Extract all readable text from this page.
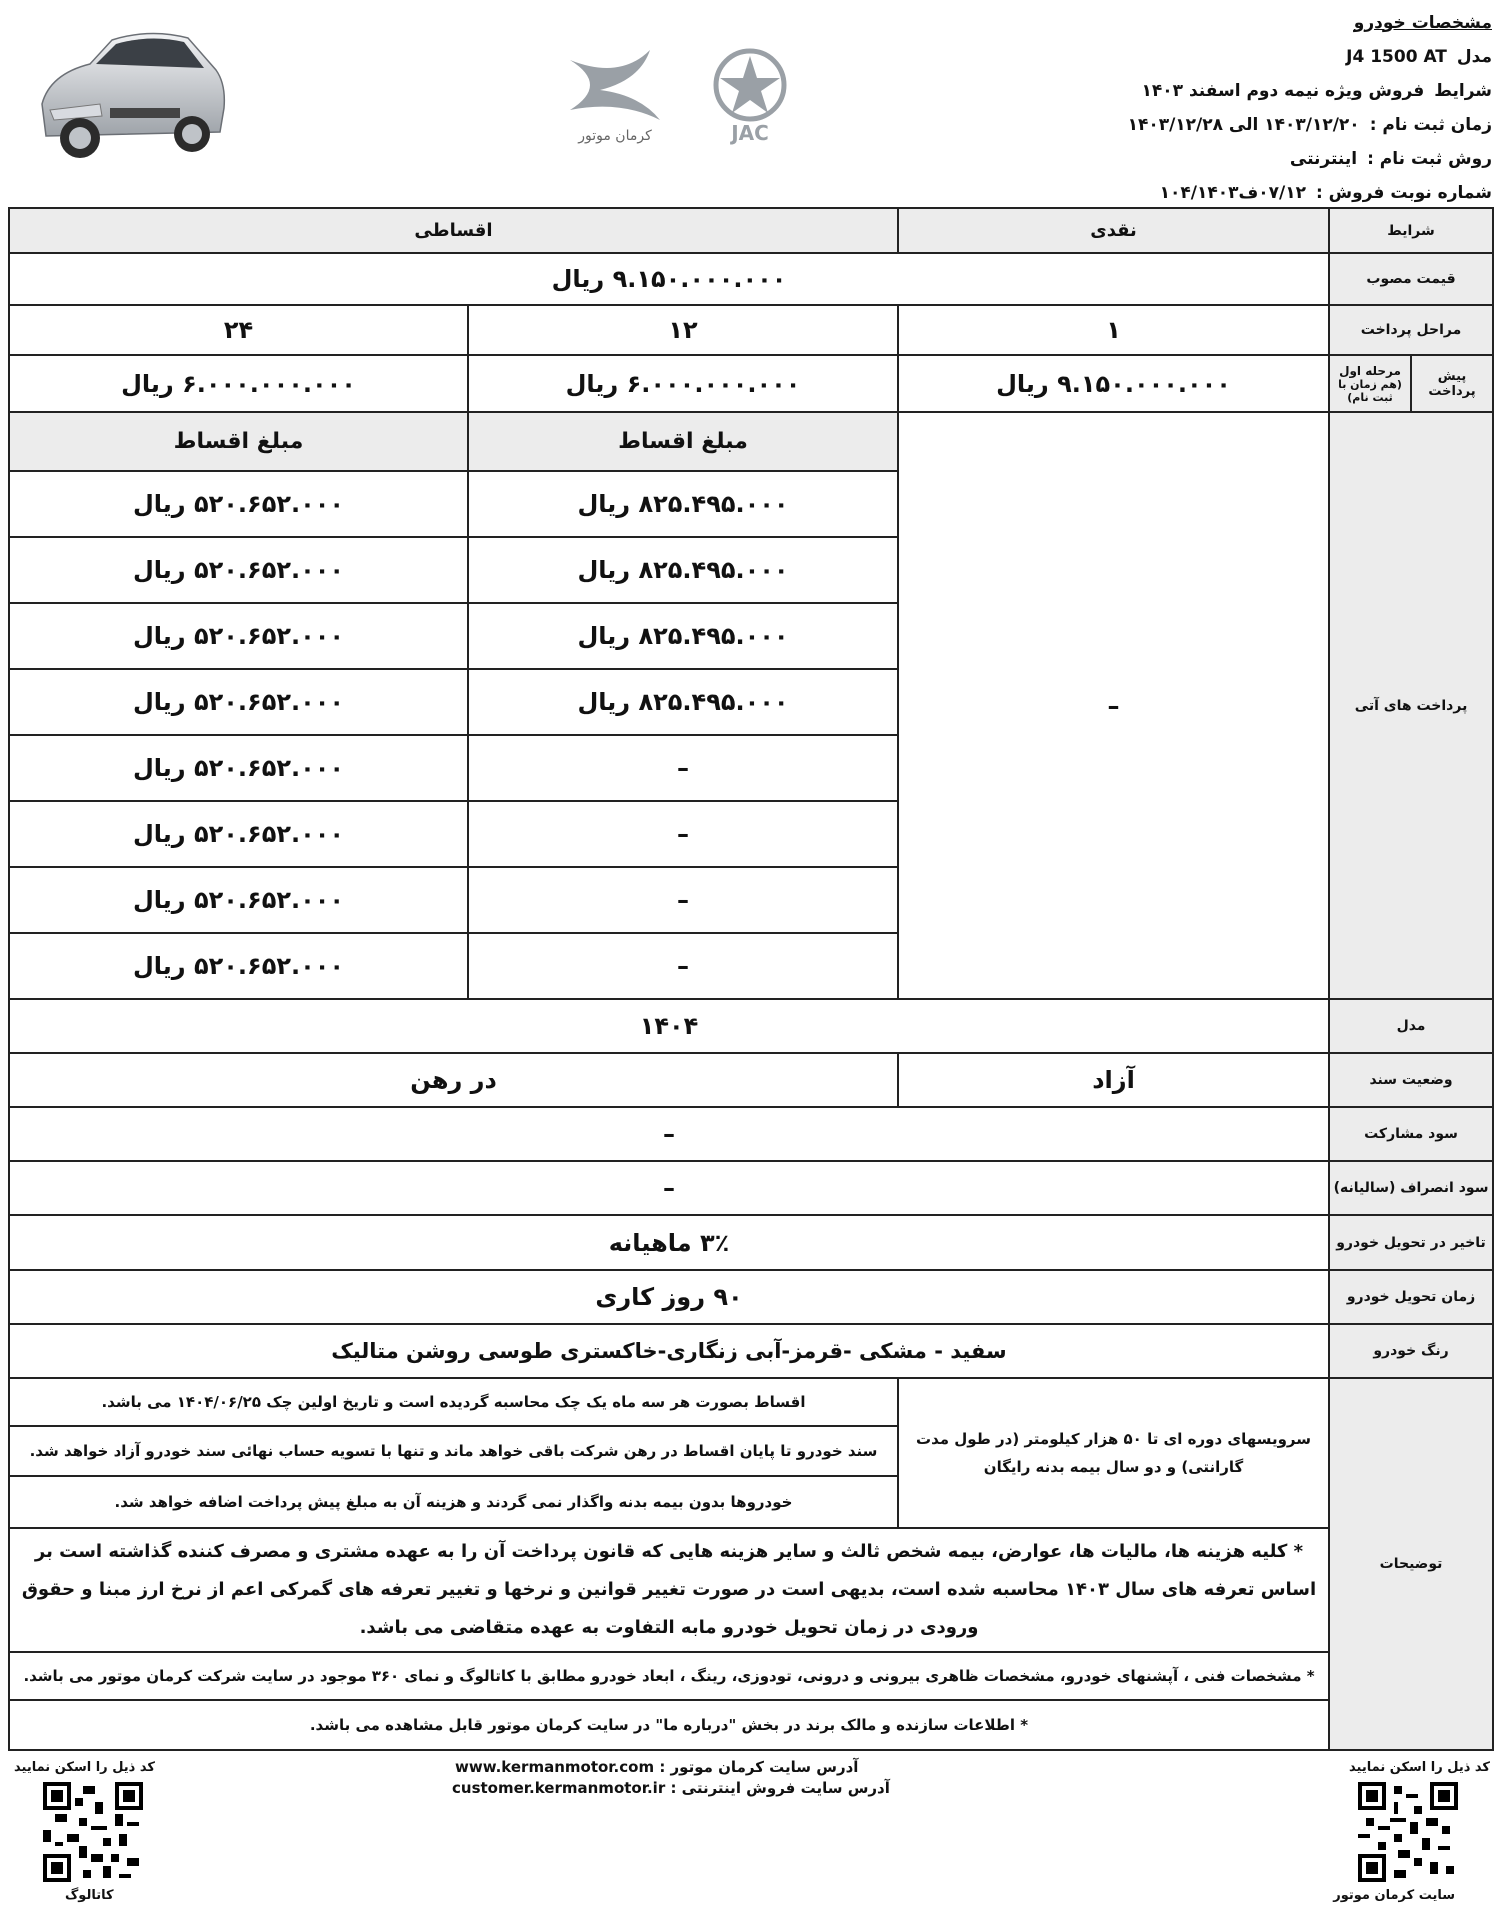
مشخصات خودرو
مدل
J4 1500 AT
شرایط
فروش ویژه نیمه دوم اسفند ۱۴۰۳
زمان ثبت نام :
۱۴۰۳/۱۲/۲۰ الی ۱۴۰۳/۱۲/۲۸
روش ثبت نام :
اینترنتی
شماره نوبت فروش :
۰۷/۱۲ف۱۰۴/۱۴۰۳
کرمان موتور	JAC
شرایط		نقدی	اقساطی	
قیمت مصوب		۹.۱۵۰.۰۰۰.۰۰۰ ریال		
مراحل پرداخت		۱	۱۲	۲۴
پیش پرداخت	مرحله اول
(هم زمان با ثبت نام)	۹.۱۵۰.۰۰۰.۰۰۰ ریال	۶.۰۰۰.۰۰۰.۰۰۰ ریال	۶.۰۰۰.۰۰۰.۰۰۰ ریال
پرداخت های آتی		–	مبلغ اقساط	مبلغ اقساط
			۸۲۵.۴۹۵.۰۰۰ ریال	۵۲۰.۶۵۲.۰۰۰ ریال
			۸۲۵.۴۹۵.۰۰۰ ریال	۵۲۰.۶۵۲.۰۰۰ ریال
			۸۲۵.۴۹۵.۰۰۰ ریال	۵۲۰.۶۵۲.۰۰۰ ریال
			۸۲۵.۴۹۵.۰۰۰ ریال	۵۲۰.۶۵۲.۰۰۰ ریال
			–	۵۲۰.۶۵۲.۰۰۰ ریال
			–	۵۲۰.۶۵۲.۰۰۰ ریال
			–	۵۲۰.۶۵۲.۰۰۰ ریال
			–	۵۲۰.۶۵۲.۰۰۰ ریال
مدل		۱۴۰۴		
وضعیت سند		آزاد	در رهن	
سود مشارکت		–		
سود انصراف (سالیانه)		–		
تاخیر در تحویل خودرو		۳٪ ماهیانه		
زمان تحویل خودرو		۹۰ روز کاری		
رنگ خودرو		سفید - مشکی -قرمز-آبی زنگاری-خاکستری طوسی روشن متالیک		
توضیحات		سرویسهای دوره ای تا ۵۰ هزار کیلومتر (در طول مدت گارانتی) و دو سال بیمه بدنه رایگان	اقساط بصورت هر سه ماه یک چک محاسبه گردیده است و تاریخ اولین چک ۱۴۰۴/۰۶/۲۵ می باشد.	
			سند خودرو تا پایان اقساط در رهن شرکت باقی خواهد ماند و تنها با تسویه حساب نهائی سند خودرو آزاد خواهد شد.	
			خودروها بدون بیمه بدنه واگذار نمی گردند و هزینه آن به مبلغ پیش پرداخت اضافه خواهد شد.	
		* کلیه هزینه ها، مالیات ها، عوارض، بیمه شخص ثالث و سایر هزینه هایی که قانون پرداخت آن را به عهده مشتری و مصرف کننده گذاشته است بر اساس تعرفه های سال ۱۴۰۳ محاسبه شده است، بدیهی است در صورت تغییر قوانین و نرخها و تغییر تعرفه های گمرکی اعم از نرخ ارز مبنا و حقوق ورودی در زمان تحویل خودرو مابه التفاوت به عهده متقاضی می باشد.		
		* مشخصات فنی ، آپشنهای خودرو، مشخصات ظاهری بیرونی و درونی، تودوزی، رینگ ، ابعاد خودرو مطابق با کاتالوگ و نمای ۳۶۰ موجود در سایت شرکت کرمان موتور می باشد.		
		* اطلاعات سازنده و مالک برند در بخش "درباره ما" در سایت کرمان موتور قابل مشاهده می باشد.		
کد ذیل را اسکن نمایید
کد ذیل را اسکن نمایید	www.kermanmotor.com آدرس سایت کرمان موتور :
customer.kermanmotor.ir آدرس سایت فروش اینترنتی :
سایت کرمان موتور
کاتالوگ
